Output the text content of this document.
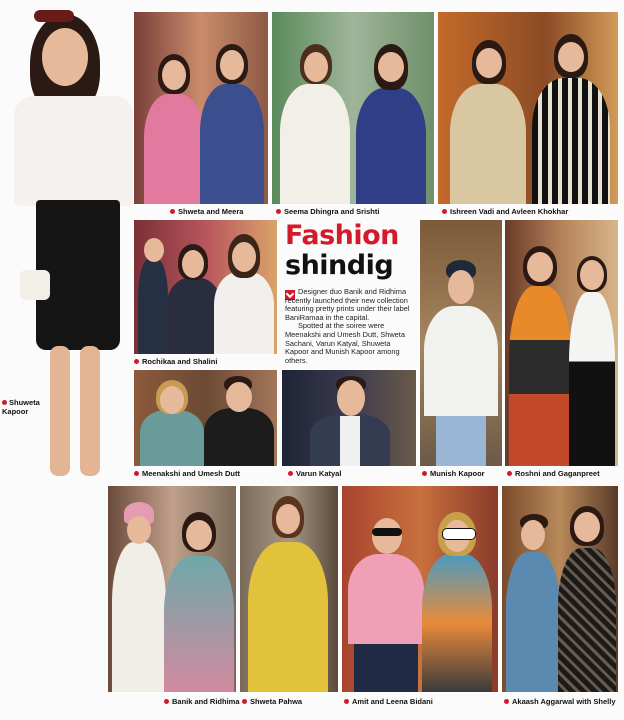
Shuweta
Kapoor
Shweta and Meera	Seema Dhingra and Srishti	Ishreen Vadi and Avleen Khokhar
Rochikaa and Shalini
Fashion
shindig

Designer duo Banik and Ridhima recently launched their new collection featuring pretty prints under their label BaniRamaa in the capital.

Spotted at the soiree were Meenakshi and Umesh Dutt, Shweta Sachani, Varun Katyal, Shuweta Kapoor and Munish Kapoor among others.

Munish Kapoor	Roshni and Gaganpreet
Meenakshi and Umesh Dutt	Varun Katyal
Banik and Ridhima Shweta Pahwa	Amit and Leena Bidani	Akaash Aggarwal with Shelly
